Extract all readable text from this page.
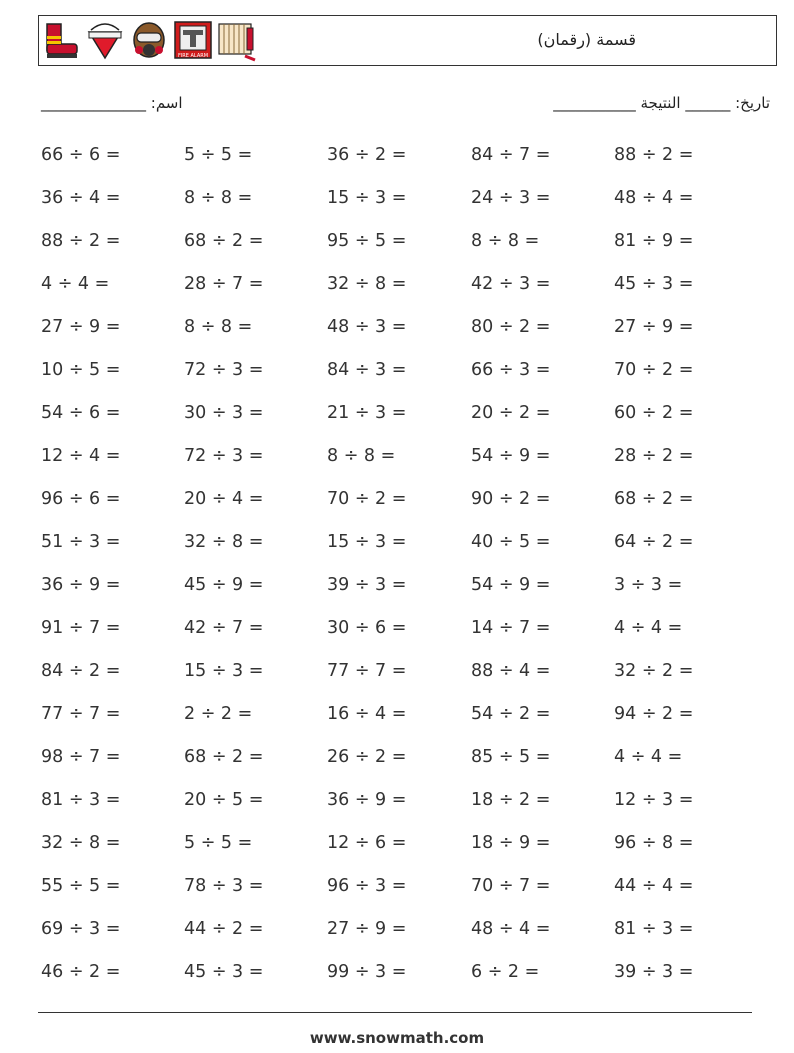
FIRE ALARM
قسمة (رقمان)
تاريخ: ______ النتيجة ___________
اسم: ______________
66 ÷ 6 =	5 ÷ 5 =	36 ÷ 2 =	84 ÷ 7 =	88 ÷ 2 =
36 ÷ 4 =	8 ÷ 8 =	15 ÷ 3 =	24 ÷ 3 =	48 ÷ 4 =
88 ÷ 2 =	68 ÷ 2 =	95 ÷ 5 =	8 ÷ 8 =	81 ÷ 9 =
4 ÷ 4 =	28 ÷ 7 =	32 ÷ 8 =	42 ÷ 3 =	45 ÷ 3 =
27 ÷ 9 =	8 ÷ 8 =	48 ÷ 3 =	80 ÷ 2 =	27 ÷ 9 =
10 ÷ 5 =	72 ÷ 3 =	84 ÷ 3 =	66 ÷ 3 =	70 ÷ 2 =
54 ÷ 6 =	30 ÷ 3 =	21 ÷ 3 =	20 ÷ 2 =	60 ÷ 2 =
12 ÷ 4 =	72 ÷ 3 =	8 ÷ 8 =	54 ÷ 9 =	28 ÷ 2 =
96 ÷ 6 =	20 ÷ 4 =	70 ÷ 2 =	90 ÷ 2 =	68 ÷ 2 =
51 ÷ 3 =	32 ÷ 8 =	15 ÷ 3 =	40 ÷ 5 =	64 ÷ 2 =
36 ÷ 9 =	45 ÷ 9 =	39 ÷ 3 =	54 ÷ 9 =	3 ÷ 3 =
91 ÷ 7 =	42 ÷ 7 =	30 ÷ 6 =	14 ÷ 7 =	4 ÷ 4 =
84 ÷ 2 =	15 ÷ 3 =	77 ÷ 7 =	88 ÷ 4 =	32 ÷ 2 =
77 ÷ 7 =	2 ÷ 2 =	16 ÷ 4 =	54 ÷ 2 =	94 ÷ 2 =
98 ÷ 7 =	68 ÷ 2 =	26 ÷ 2 =	85 ÷ 5 =	4 ÷ 4 =
81 ÷ 3 =	20 ÷ 5 =	36 ÷ 9 =	18 ÷ 2 =	12 ÷ 3 =
32 ÷ 8 =	5 ÷ 5 =	12 ÷ 6 =	18 ÷ 9 =	96 ÷ 8 =
55 ÷ 5 =	78 ÷ 3 =	96 ÷ 3 =	70 ÷ 7 =	44 ÷ 4 =
69 ÷ 3 =	44 ÷ 2 =	27 ÷ 9 =	48 ÷ 4 =	81 ÷ 3 =
46 ÷ 2 =	45 ÷ 3 =	99 ÷ 3 =	6 ÷ 2 =	39 ÷ 3 =
www.snowmath.com
